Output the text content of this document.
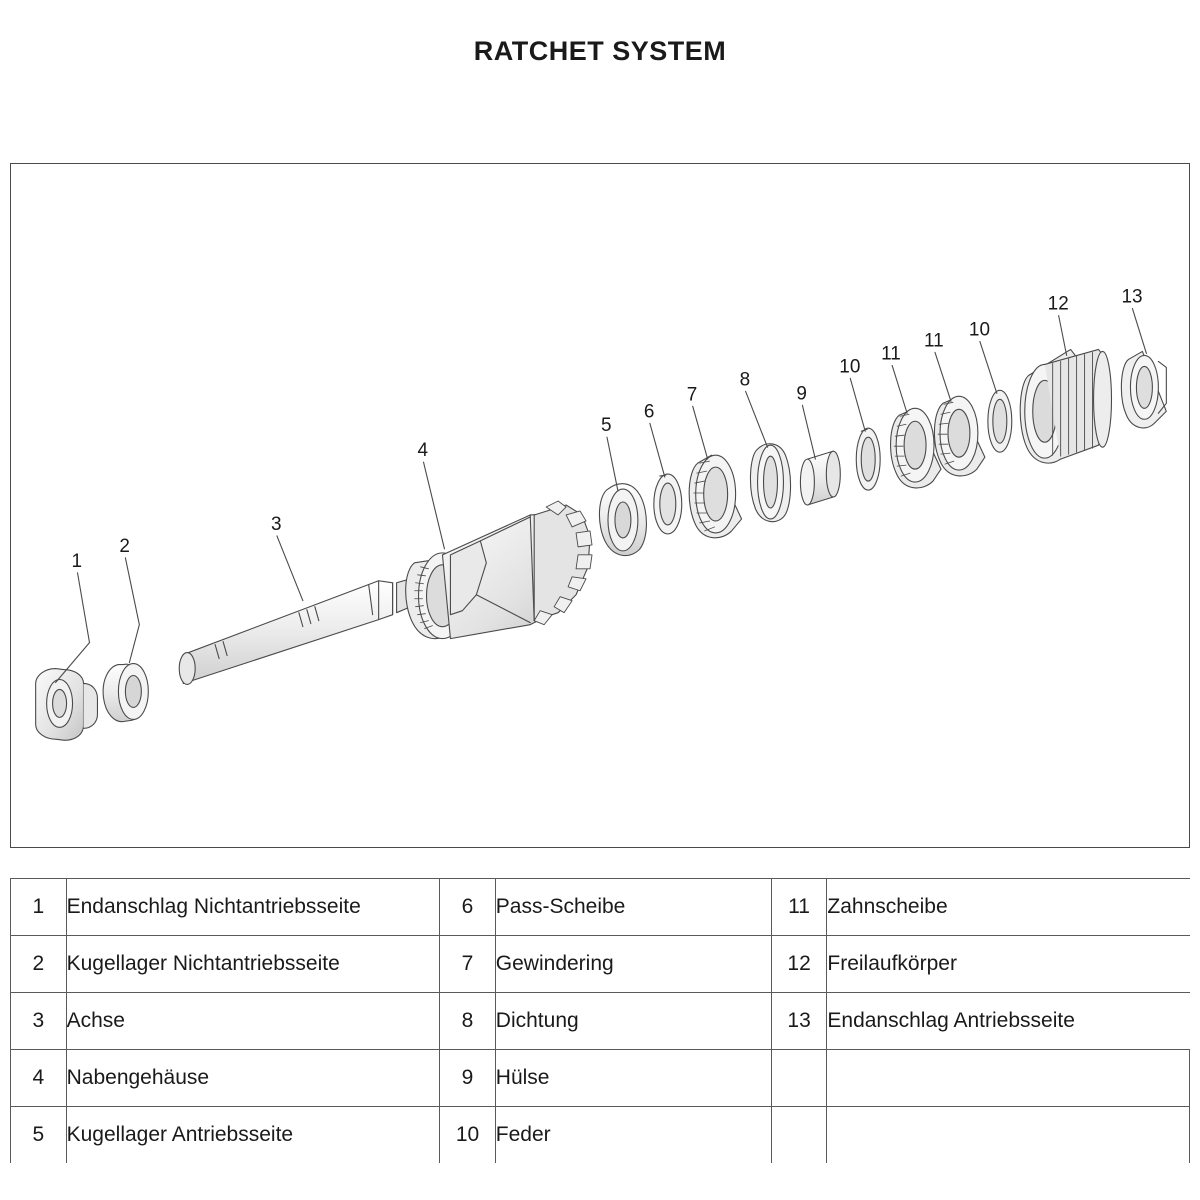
RATCHET SYSTEM
1
2
3
4
5
6
7
8
9
10
11
11
10
12	13
1	Endanschlag Nichtantriebsseite	6	Pass-Scheibe	11	Zahnscheibe
2	Kugellager Nichtantriebsseite	7	Gewindering	12	Freilaufkörper
3	Achse	8	Dichtung	13	Endanschlag Antriebsseite
4	Nabengehäuse	9	Hülse		
5	Kugellager Antriebsseite	10	Feder		
